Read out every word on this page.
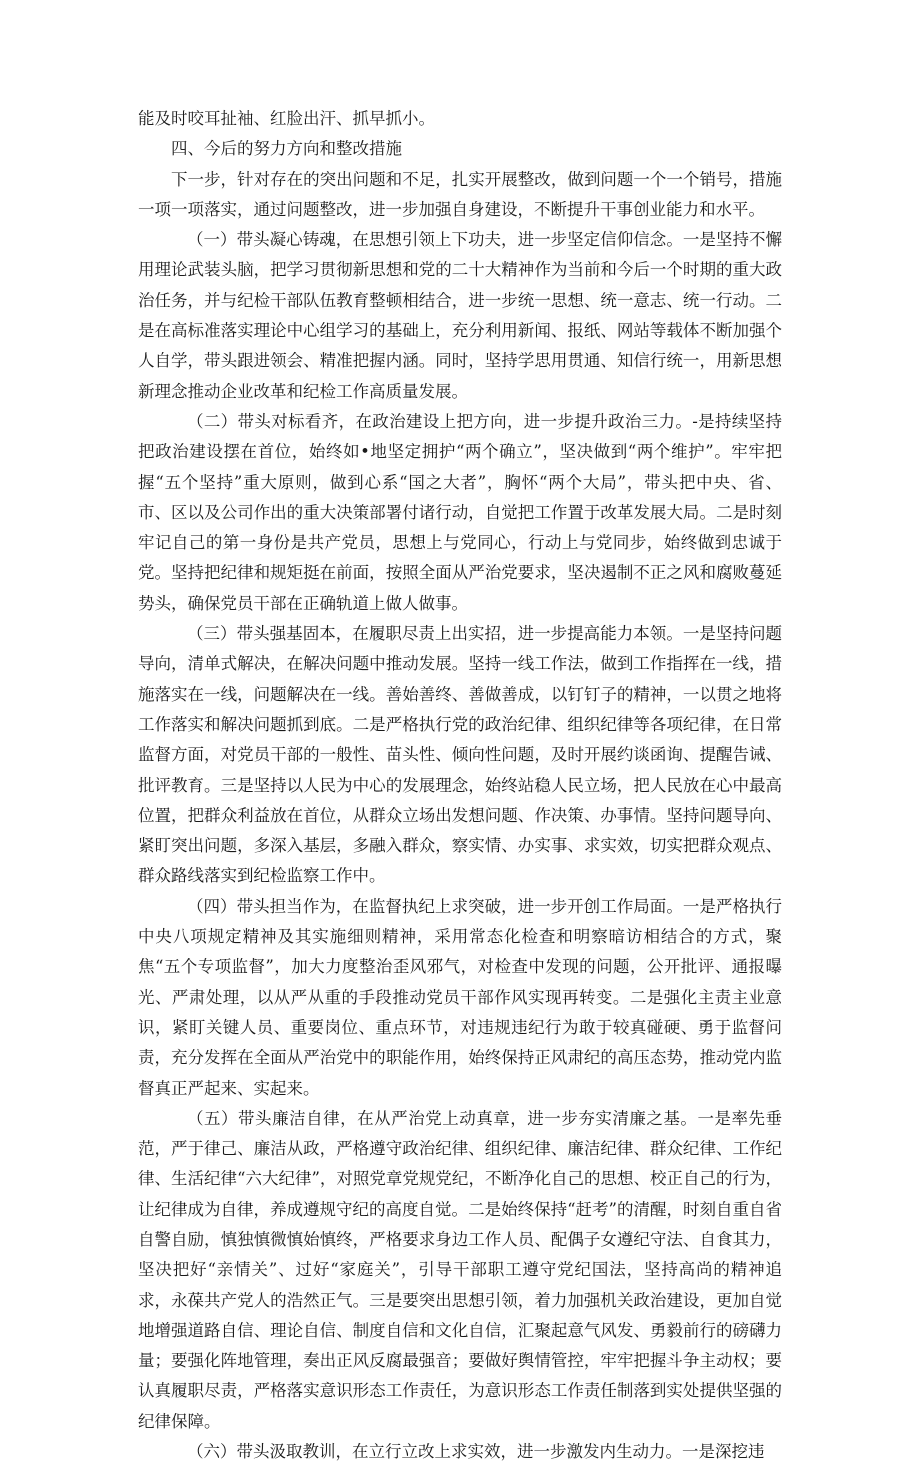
能及时咬耳扯袖、红脸出汗、抓早抓小。

四、今后的努力方向和整改措施

下一步，针对存在的突出问题和不足，扎实开展整改，做到问题一个一个销号，措施一项一项落实，通过问题整改，进一步加强自身建设，不断提升干事创业能力和水平。

（一）带头凝心铸魂，在思想引领上下功夫，进一步坚定信仰信念。一是坚持不懈用理论武装头脑，把学习贯彻新思想和党的二十大精神作为当前和今后一个时期的重大政治任务，并与纪检干部队伍教育整顿相结合，进一步统一思想、统一意志、统一行动。二是在高标准落实理论中心组学习的基础上，充分利用新闻、报纸、网站等载体不断加强个人自学，带头跟进领会、精准把握内涵。同时，坚持学思用贯通、知信行统一，用新思想新理念推动企业改革和纪检工作高质量发展。

（二）带头对标看齐，在政治建设上把方向，进一步提升政治三力。-是持续坚持把政治建设摆在首位，始终如•地坚定拥护“两个确立”，坚决做到“两个维护”。牢牢把握“五个坚持”重大原则，做到心系“国之大者”，胸怀“两个大局”，带头把中央、省、市、区以及公司作出的重大决策部署付诸行动，自觉把工作置于改革发展大局。二是时刻牢记自己的第一身份是共产党员，思想上与党同心，行动上与党同步，始终做到忠诚于党。坚持把纪律和规矩挺在前面，按照全面从严治党要求，坚决遏制不正之风和腐败蔓延势头，确保党员干部在正确轨道上做人做事。

（三）带头强基固本，在履职尽责上出实招，进一步提高能力本领。一是坚持问题导向，清单式解决，在解决问题中推动发展。坚持一线工作法，做到工作指挥在一线，措施落实在一线，问题解决在一线。善始善终、善做善成，以钉钉子的精神，一以贯之地将工作落实和解决问题抓到底。二是严格执行党的政治纪律、组织纪律等各项纪律，在日常监督方面，对党员干部的一般性、苗头性、倾向性问题，及时开展约谈函询、提醒告诫、批评教育。三是坚持以人民为中心的发展理念，始终站稳人民立场，把人民放在心中最高位置，把群众利益放在首位，从群众立场出发想问题、作决策、办事情。坚持问题导向、紧盯突出问题，多深入基层，多融入群众，察实情、办实事、求实效，切实把群众观点、群众路线落实到纪检监察工作中。

（四）带头担当作为，在监督执纪上求突破，进一步开创工作局面。一是严格执行中央八项规定精神及其实施细则精神，采用常态化检查和明察暗访相结合的方式，聚焦“五个专项监督”，加大力度整治歪风邪气，对检查中发现的问题，公开批评、通报曝光、严肃处理，以从严从重的手段推动党员干部作风实现再转变。二是强化主责主业意识，紧盯关键人员、重要岗位、重点环节，对违规违纪行为敢于较真碰硬、勇于监督问责，充分发挥在全面从严治党中的职能作用，始终保持正风肃纪的高压态势，推动党内监督真正严起来、实起来。

（五）带头廉洁自律，在从严治党上动真章，进一步夯实清廉之基。一是率先垂范，严于律己、廉洁从政，严格遵守政治纪律、组织纪律、廉洁纪律、群众纪律、工作纪律、生活纪律“六大纪律”，对照党章党规党纪，不断净化自己的思想、校正自己的行为，让纪律成为自律，养成遵规守纪的高度自觉。二是始终保持“赶考”的清醒，时刻自重自省自警自励，慎独慎微慎始慎终，严格要求身边工作人员、配偶子女遵纪守法、自食其力，坚决把好“亲情关”、过好“家庭关”，引导干部职工遵守党纪国法，坚持高尚的精神追求，永葆共产党人的浩然正气。三是要突出思想引领，着力加强机关政治建设，更加自觉地增强道路自信、理论自信、制度自信和文化自信，汇聚起意气风发、勇毅前行的磅礴力量；要强化阵地管理，奏出正风反腐最强音；要做好舆情管控，牢牢把握斗争主动权；要认真履职尽责，严格落实意识形态工作责任，为意识形态工作责任制落到实处提供坚强的纪律保障。

（六）带头汲取教训，在立行立改上求实效，进一步激发内生动力。一是深挖违
